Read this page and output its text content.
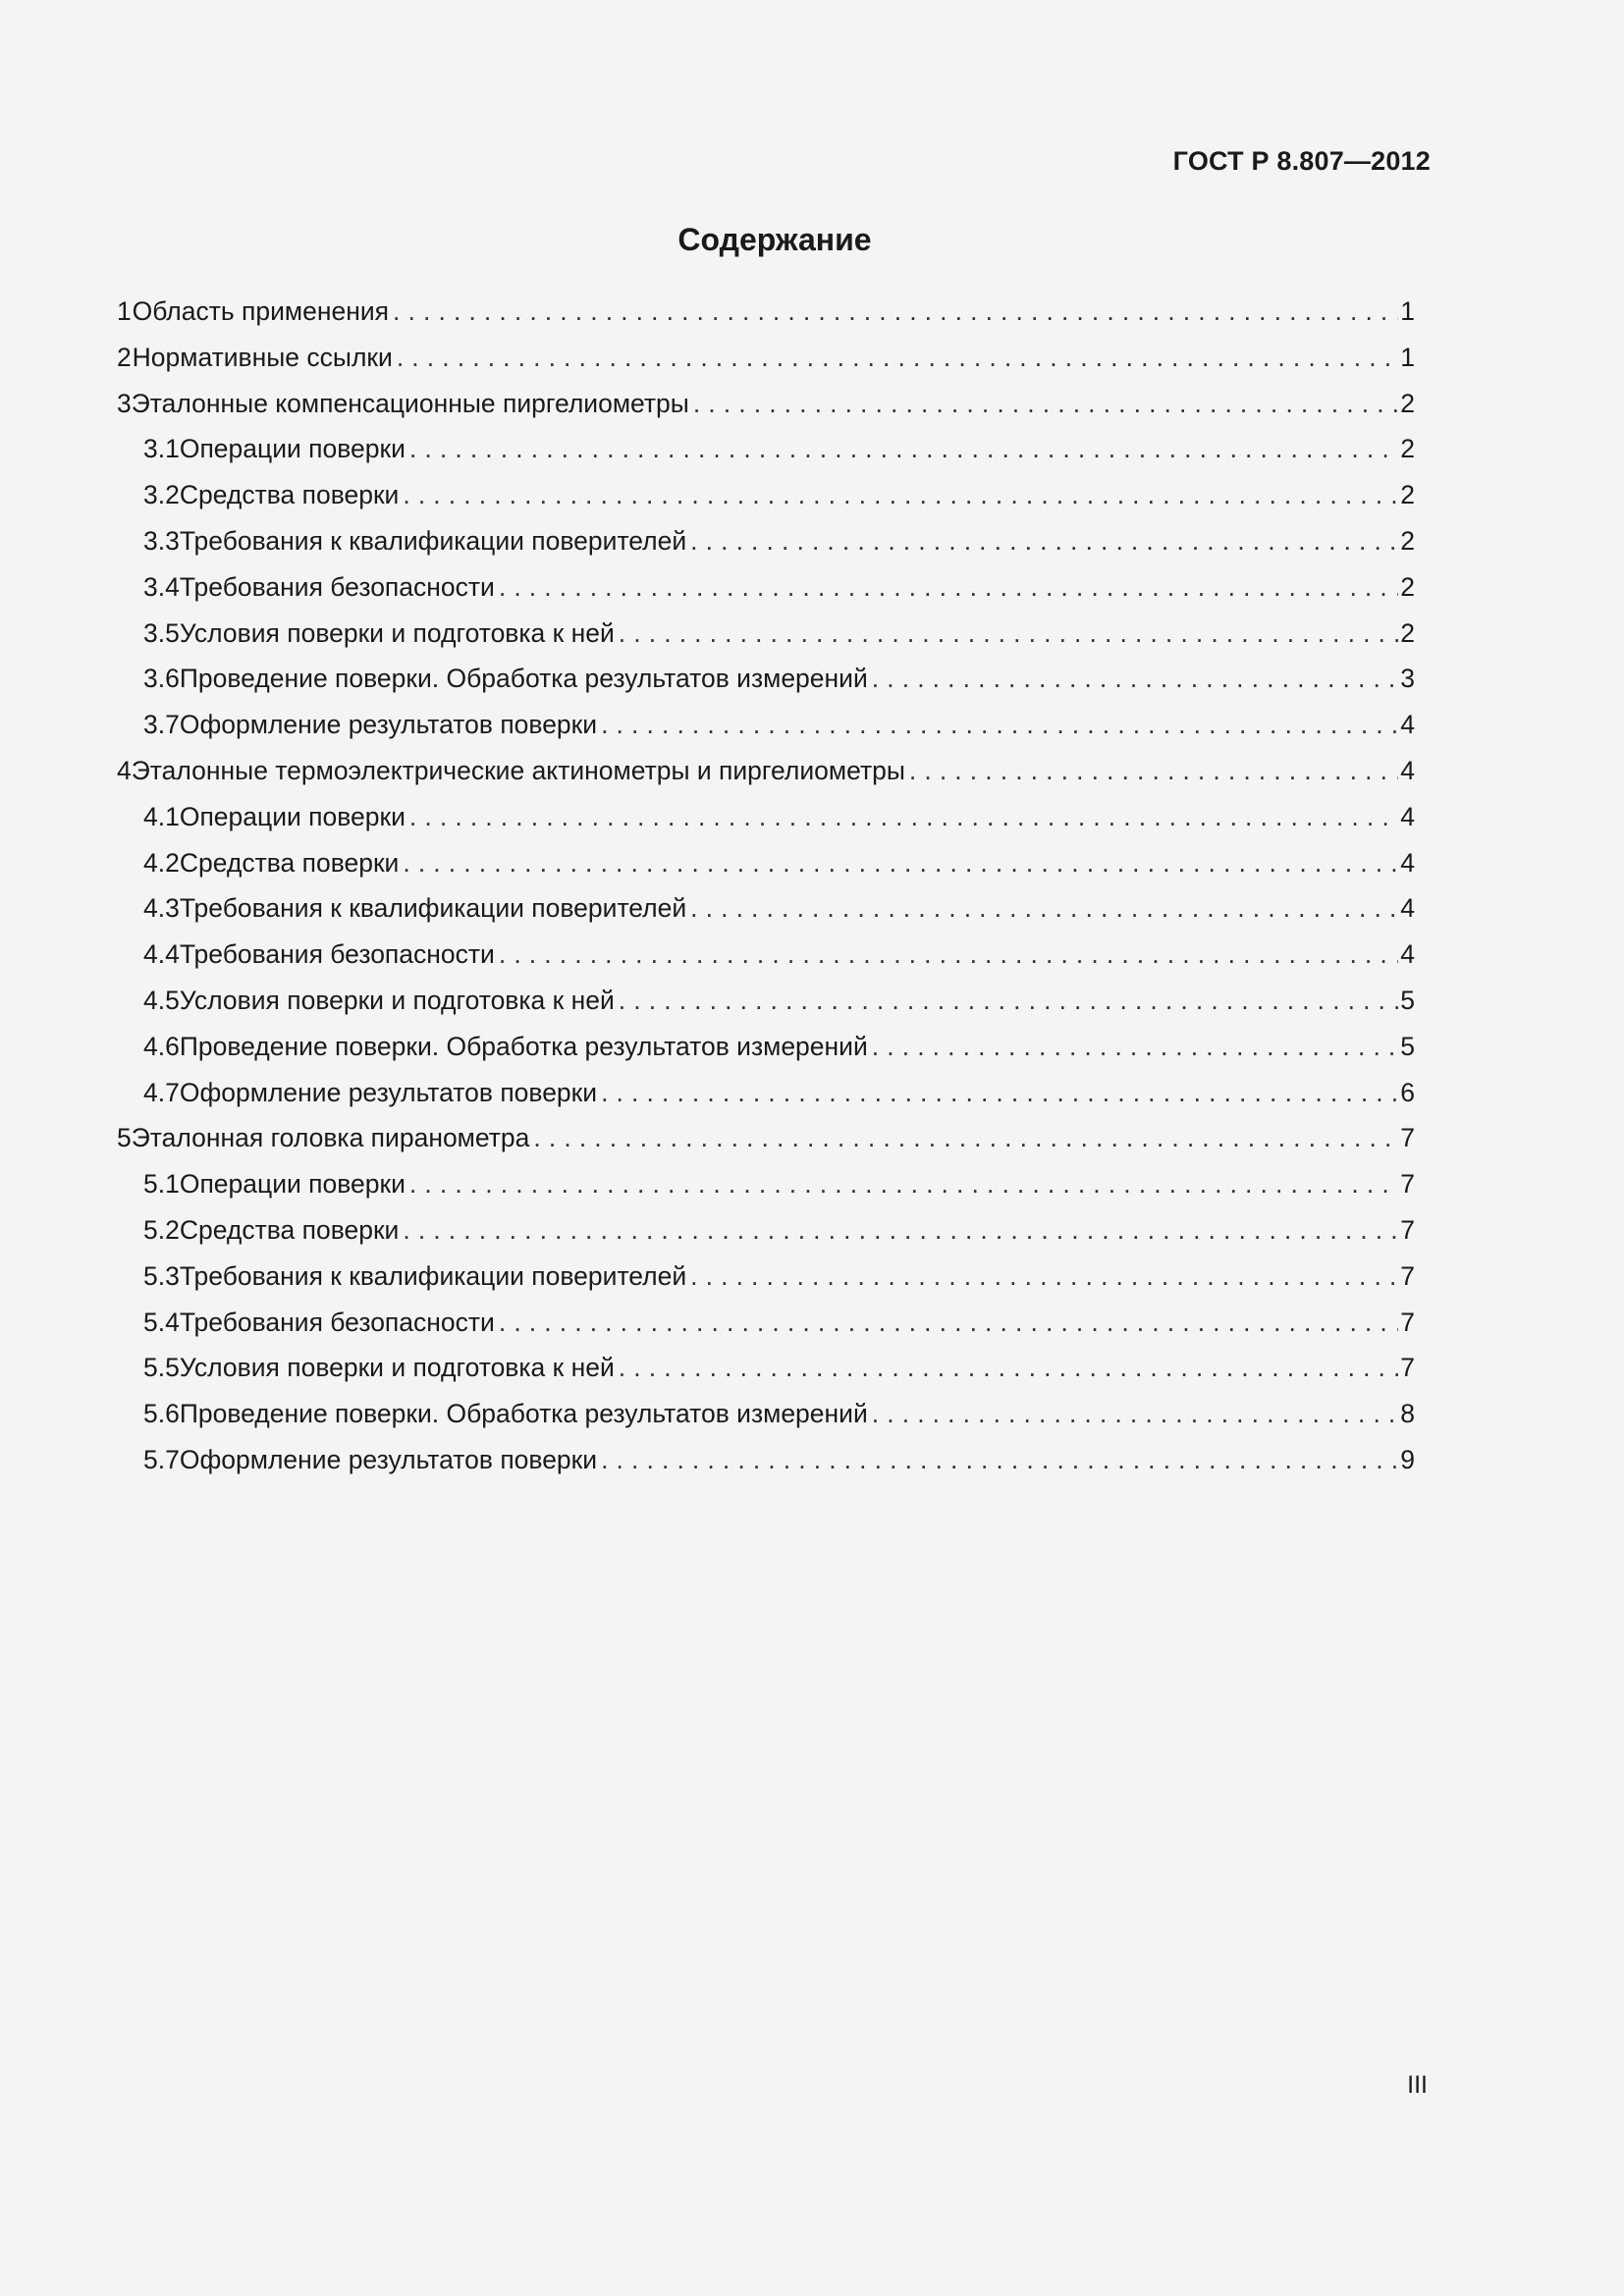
ГОСТ Р 8.807—2012
Содержание
1 Область применения . . .	1
2 Нормативные ссылки . . .	1
3 Эталонные компенсационные пиргелиометры . . .	2
3.1 Операции поверки . . .	2
3.2 Средства поверки . . .	2
3.3 Требования к квалификации поверителей . . .	2
3.4 Требования безопасности . . .	2
3.5 Условия поверки и подготовка к ней . . .	2
3.6 Проведение поверки. Обработка результатов измерений . . .	3
3.7 Оформление результатов поверки . . .	4
4 Эталонные термоэлектрические актинометры и пиргелиометры . . .	4
4.1 Операции поверки . . .	4
4.2 Средства поверки . . .	4
4.3 Требования к квалификации поверителей . . .	4
4.4 Требования безопасности . . .	4
4.5 Условия поверки и подготовка к ней . . .	5
4.6 Проведение поверки. Обработка результатов измерений . . .	5
4.7 Оформление результатов поверки . . .	6
5 Эталонная головка пиранометра . . .	7
5.1 Операции поверки . . .	7
5.2 Средства поверки . . .	7
5.3 Требования к квалификации поверителей . . .	7
5.4 Требования безопасности . . .	7
5.5 Условия поверки и подготовка к ней . . .	7
5.6 Проведение поверки. Обработка результатов измерений . . .	8
5.7 Оформление результатов поверки . . .	9
III
